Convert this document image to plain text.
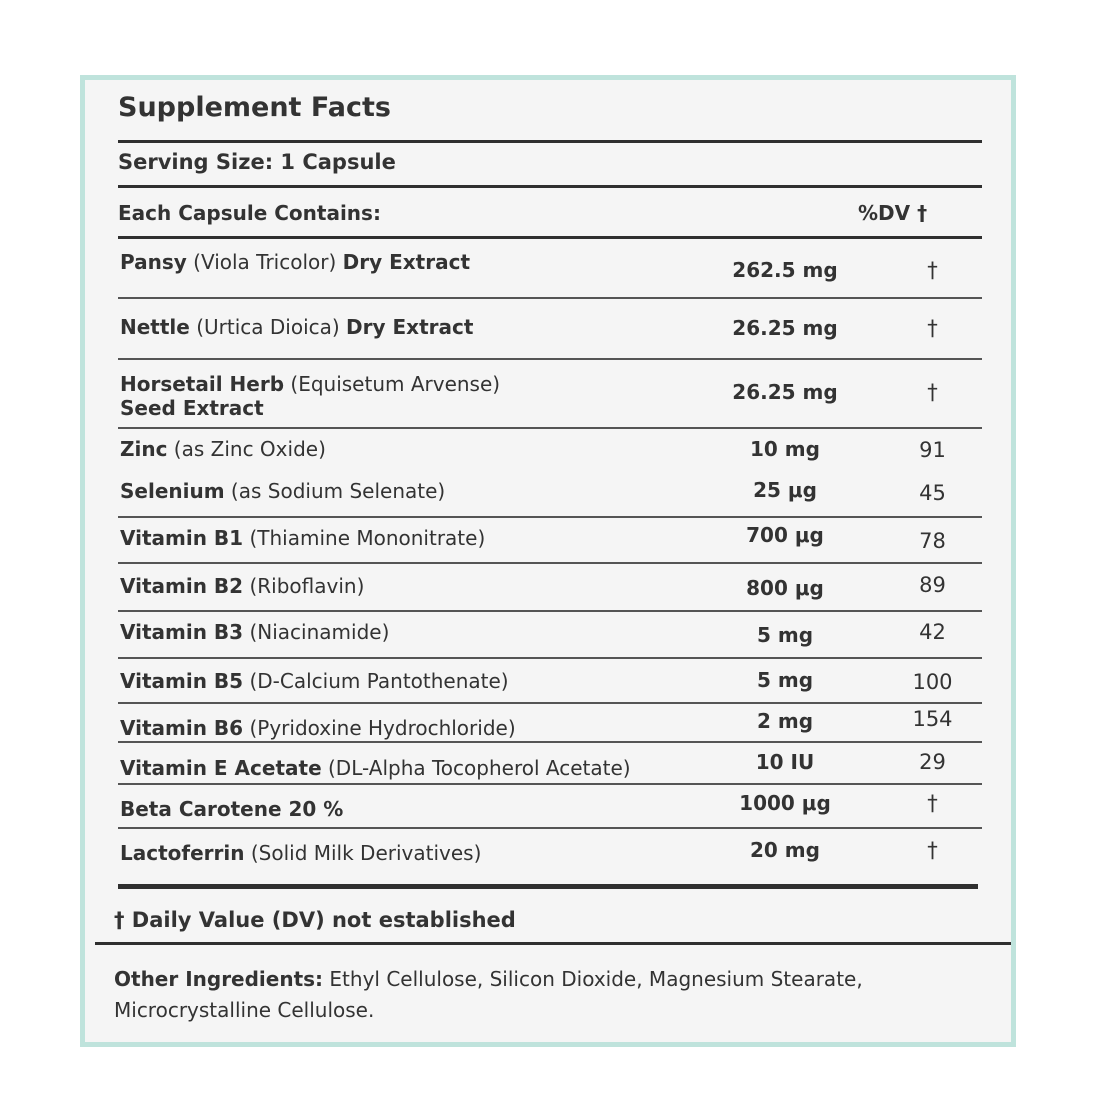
Supplement Facts
Serving Size: 1 Capsule
Each Capsule Contains:	%DV †
Pansy (Viola Tricolor) Dry Extract	262.5 mg	†
Nettle (Urtica Dioica) Dry Extract	26.25 mg	†
Horsetail Herb (Equisetum Arvense)
Seed Extract
26.25 mg	†
Zinc (as Zinc Oxide)	10 mg	91
Selenium (as Sodium Selenate)	25 μg	45
Vitamin B1 (Thiamine Mononitrate)	700 μg	78
Vitamin B2 (Riboflavin)	800 μg	89
Vitamin B3 (Niacinamide)	5 mg	42
Vitamin B5 (D-Calcium Pantothenate)	5 mg	100
Vitamin B6 (Pyridoxine Hydrochloride)	2 mg	154
Vitamin E Acetate (DL-Alpha Tocopherol Acetate)	10 IU	29
Beta Carotene 20 %	1000 μg	†
Lactoferrin (Solid Milk Derivatives)	20 mg	†
† Daily Value (DV) not established
Other Ingredients: Ethyl Cellulose, Silicon Dioxide, Magnesium Stearate, Microcrystalline Cellulose.
